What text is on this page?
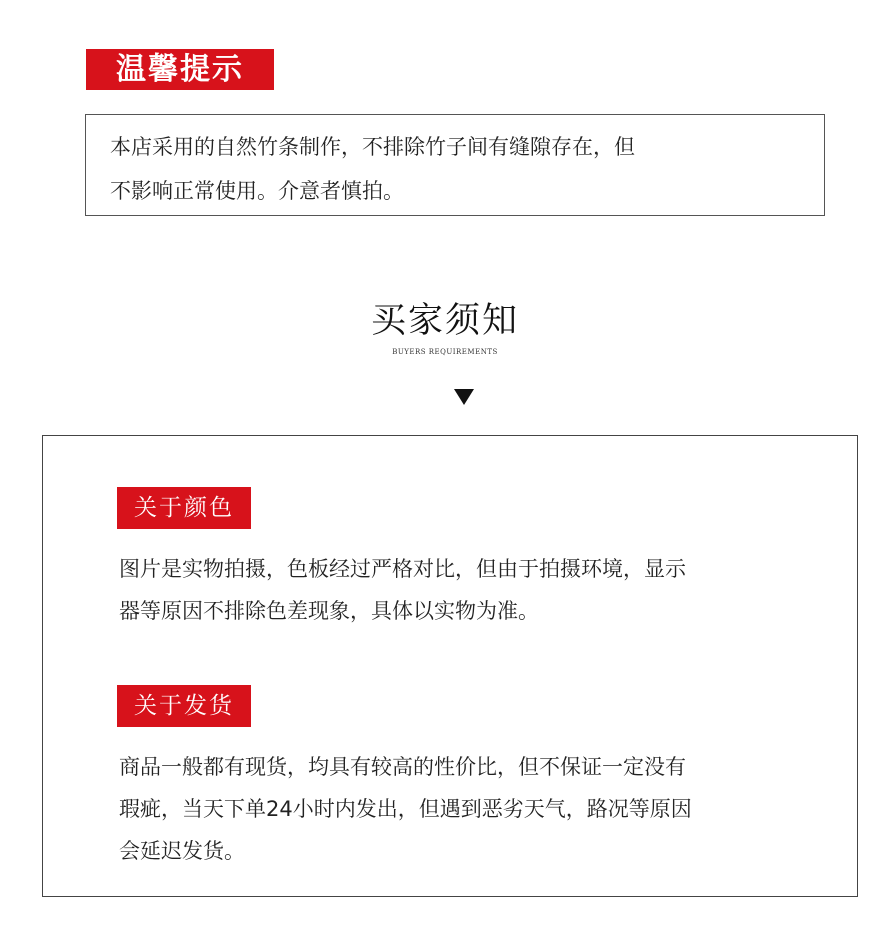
温馨提示
本店采用的自然竹条制作，不排除竹子间有缝隙存在，但
不影响正常使用。介意者慎拍。
买家须知
BUYERS REQUIREMENTS
关于颜色
图片是实物拍摄，色板经过严格对比，但由于拍摄环境，显示
器等原因不排除色差现象，具体以实物为准。
关于发货
商品一般都有现货，均具有较高的性价比，但不保证一定没有
瑕疵，当天下单24小时内发出，但遇到恶劣天气，路况等原因
会延迟发货。
